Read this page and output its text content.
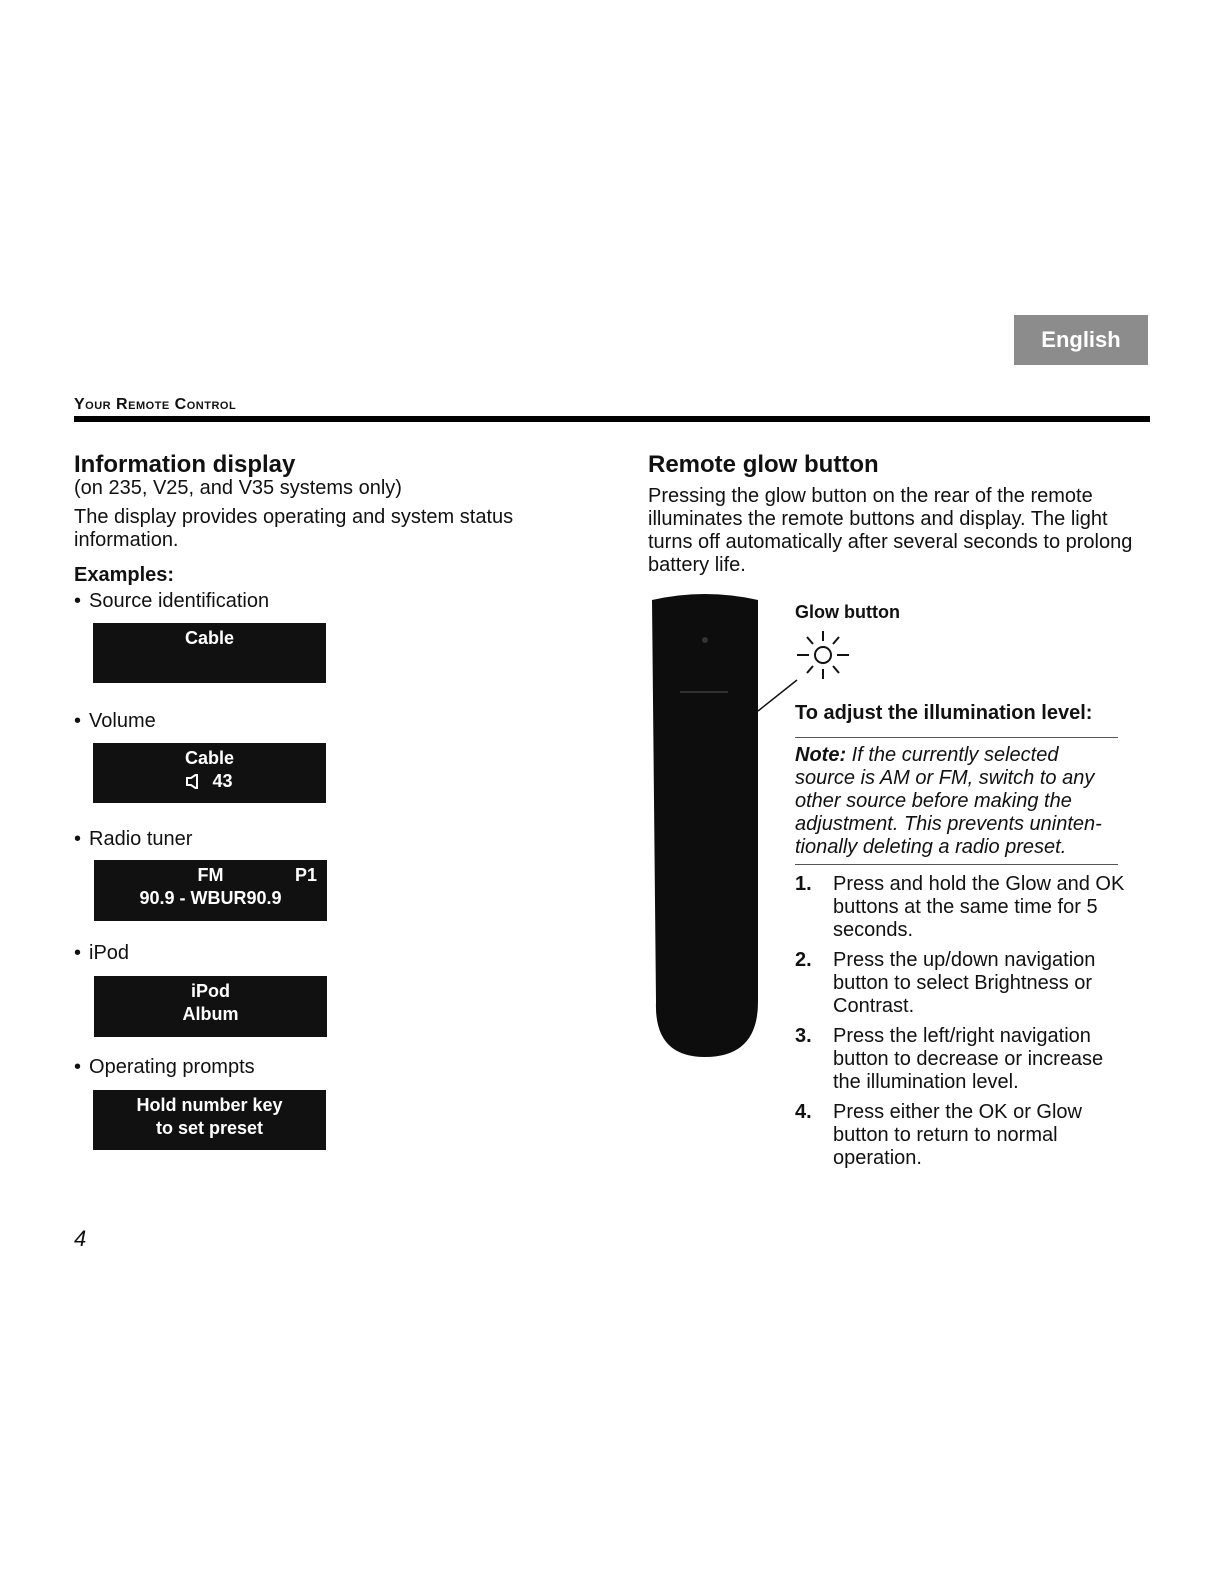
English
Your Remote Control
Information display

(on 235, V25, and V35 systems only)

The display provides operating and system status information.

Examples:
• Source identification
Cable
• Volume
Cable
43
• Radio tuner
FM	P1
90.9 - WBUR90.9
• iPod
iPod
Album
• Operating prompts
Hold number key
to set preset
Remote glow button

Pressing the glow button on the rear of the remote illuminates the remote buttons and display. The light turns off automatically after several seconds to prolong battery life.

Glow button
To adjust the illumination level:
Note: If the currently selected source is AM or FM, switch to any other source before making the adjustment. This prevents uninten-tionally deleting a radio preset.
1. Press and hold the Glow and OK buttons at the same time for 5 seconds.
2. Press the up/down navigation button to select Brightness or Contrast.
3. Press the left/right navigation button to decrease or increase the illumination level.
4. Press either the OK or Glow button to return to normal operation.
4
